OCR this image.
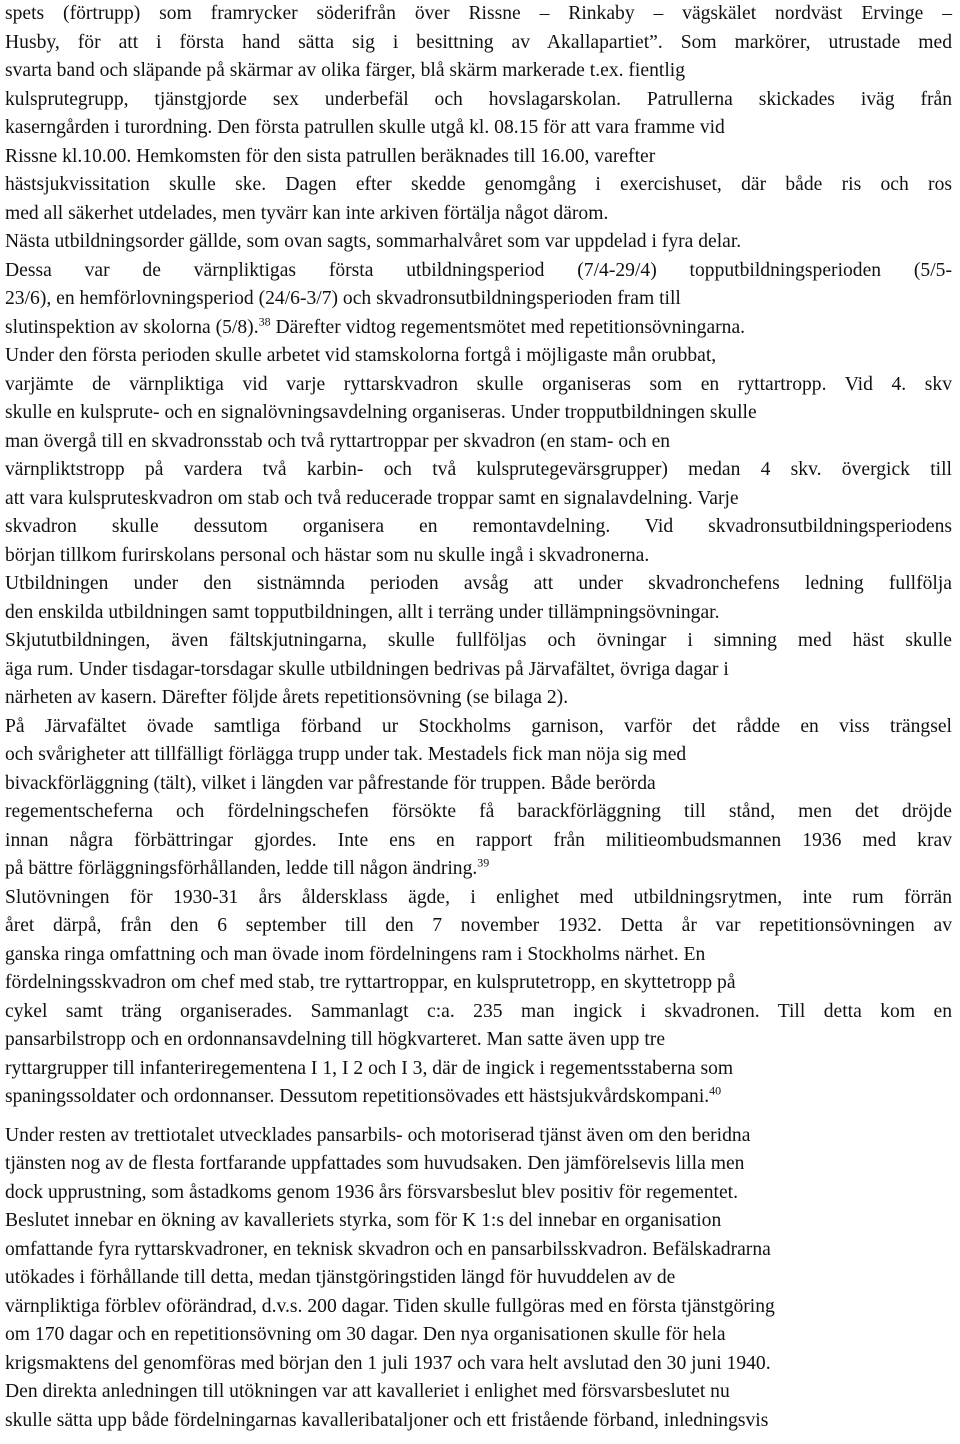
spets (förtrupp) som framrycker söderifrån över Rissne – Rinkaby – vägskälet nordväst Ervinge –
Husby, för att i första hand sätta sig i besittning av Akallapartiet”. Som markörer, utrustade med
svarta band och släpande på skärmar av olika färger, blå skärm markerade t.ex. fientlig
kulsprutegrupp, tjänstgjorde sex underbefäl och hovslagarskolan. Patrullerna skickades iväg från
kaserngården i turordning. Den första patrullen skulle utgå kl. 08.15 för att vara framme vid
Rissne kl.10.00. Hemkomsten för den sista patrullen beräknades till 16.00, varefter
hästsjukvissitation skulle ske. Dagen efter skedde genomgång i exercishuset, där både ris och ros
med all säkerhet utdelades, men tyvärr kan inte arkiven förtälja något därom.
Nästa utbildningsorder gällde, som ovan sagts, sommarhalvåret som var uppdelad i fyra delar.
Dessa var de värnpliktigas första utbildningsperiod (7/4-29/4) topputbildningsperioden (5/5-
23/6), en hemförlovningsperiod (24/6-3/7) och skvadronsutbildningsperioden fram till
slutinspektion av skolorna (5/8).$^{38}$ Därefter vidtog regementsmötet med repetitionsövningarna.
Under den första perioden skulle arbetet vid stamskolorna fortgå i möjligaste mån orubbat,
varjämte de värnpliktiga vid varje ryttarskvadron skulle organiseras som en ryttartropp. Vid 4. skv
skulle en kulsprute- och en signalövningsavdelning organiseras. Under tropputbildningen skulle
man övergå till en skvadronsstab och två ryttartroppar per skvadron (en stam- och en
värnpliktstropp på vardera två karbin- och två kulsprutegevärsgrupper) medan 4 skv. övergick till
att vara kulspruteskvadron om stab och två reducerade troppar samt en signalavdelning. Varje
skvadron skulle dessutom organisera en remontavdelning. Vid skvadronsutbildningsperiodens
början tillkom furirskolans personal och hästar som nu skulle ingå i skvadronerna.
Utbildningen under den sistnämnda perioden avsåg att under skvadronchefens ledning fullfölja
den enskilda utbildningen samt topputbildningen, allt i terräng under tillämpningsövningar.
Skjututbildningen, även fältskjutningarna, skulle fullföljas och övningar i simning med häst skulle
äga rum. Under tisdagar-torsdagar skulle utbildningen bedrivas på Järvafältet, övriga dagar i
närheten av kasern. Därefter följde årets repetitionsövning (se bilaga 2).
På Järvafältet övade samtliga förband ur Stockholms garnison, varför det rådde en viss trängsel
och svårigheter att tillfälligt förlägga trupp under tak. Mestadels fick man nöja sig med
bivackförläggning (tält), vilket i längden var påfrestande för truppen. Både berörda
regementscheferna och fördelningschefen försökte få barackförläggning till stånd, men det dröjde
innan några förbättringar gjordes. Inte ens en rapport från militieombudsmannen 1936 med krav
på bättre förläggningsförhållanden, ledde till någon ändring.$^{39}$
Slutövningen för 1930-31 års åldersklass ägde, i enlighet med utbildningsrytmen, inte rum förrän
året därpå, från den 6 september till den 7 november 1932. Detta år var repetitionsövningen av
ganska ringa omfattning och man övade inom fördelningens ram i Stockholms närhet. En
fördelningsskvadron om chef med stab, tre ryttartroppar, en kulsprutetropp, en skyttetropp på
cykel samt träng organiserades. Sammanlagt c:a. 235 man ingick i skvadronen. Till detta kom en
pansarbilstropp och en ordonnansavdelning till högkvarteret. Man satte även upp tre
ryttargrupper till infanteriregementena I 1, I 2 och I 3, där de ingick i regementsstaberna som
spaningssoldater och ordonnanser. Dessutom repetitionsövades ett hästsjukvårdskompani.$^{40}$
Under resten av trettiotalet utvecklades pansarbils- och motoriserad tjänst även om den beridna
tjänsten nog av de flesta fortfarande uppfattades som huvudsaken. Den jämförelsevis lilla men
dock upprustning, som åstadkoms genom 1936 års försvarsbeslut blev positiv för regementet.
Beslutet innebar en ökning av kavalleriets styrka, som för K 1:s del innebar en organisation
omfattande fyra ryttarskvadroner, en teknisk skvadron och en pansarbilsskvadron. Befälskadrarna
utökades i förhållande till detta, medan tjänstgöringstiden längd för huvuddelen av de
värnpliktiga förblev oförändrad, d.v.s. 200 dagar. Tiden skulle fullgöras med en första tjänstgöring
om 170 dagar och en repetitionsövning om 30 dagar. Den nya organisationen skulle för hela
krigsmaktens del genomföras med början den 1 juli 1937 och vara helt avslutad den 30 juni 1940.
Den direkta anledningen till utökningen var att kavalleriet i enlighet med försvarsbeslutet nu
skulle sätta upp både fördelningarnas kavalleribataljoner och ett fristående förband, inledningsvis
